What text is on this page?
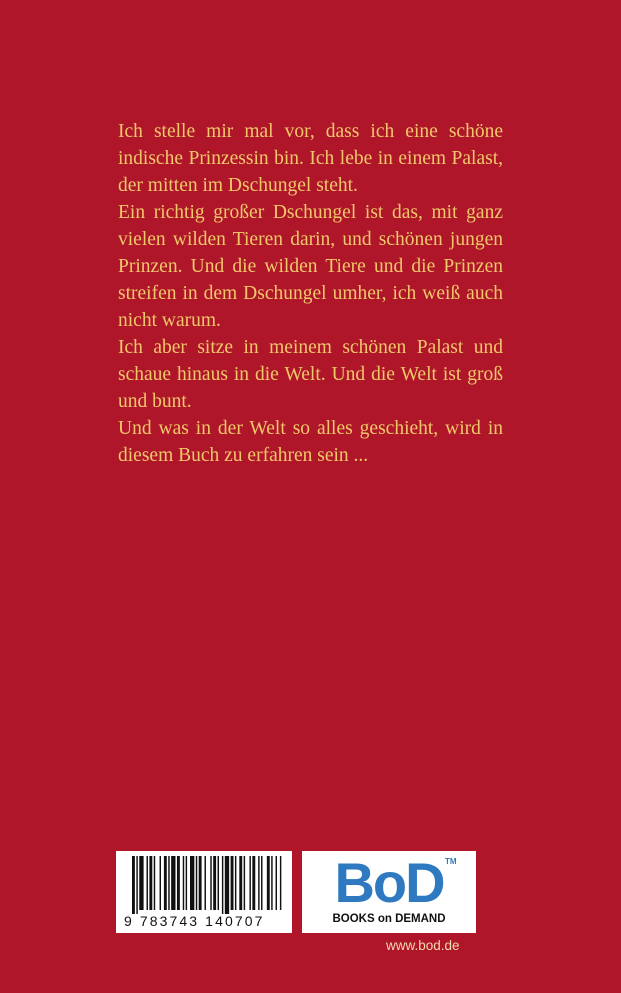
Ich stelle mir mal vor, dass ich eine schöne indische Prinzessin bin. Ich lebe in einem Palast, der mitten im Dschungel steht.

Ein richtig großer Dschungel ist das, mit ganz vielen wilden Tieren darin, und schönen jungen Prinzen. Und die wilden Tiere und die Prinzen streifen in dem Dschungel umher, ich weiß auch nicht warum.

Ich aber sitze in meinem schönen Palast und schaue hinaus in die Welt. Und die Welt ist groß und bunt.

Und was in der Welt so alles geschieht, wird in diesem Buch zu erfahren sein ...

9 783743 140707
BoD TM
BOOKS on DEMAND
www.bod.de
